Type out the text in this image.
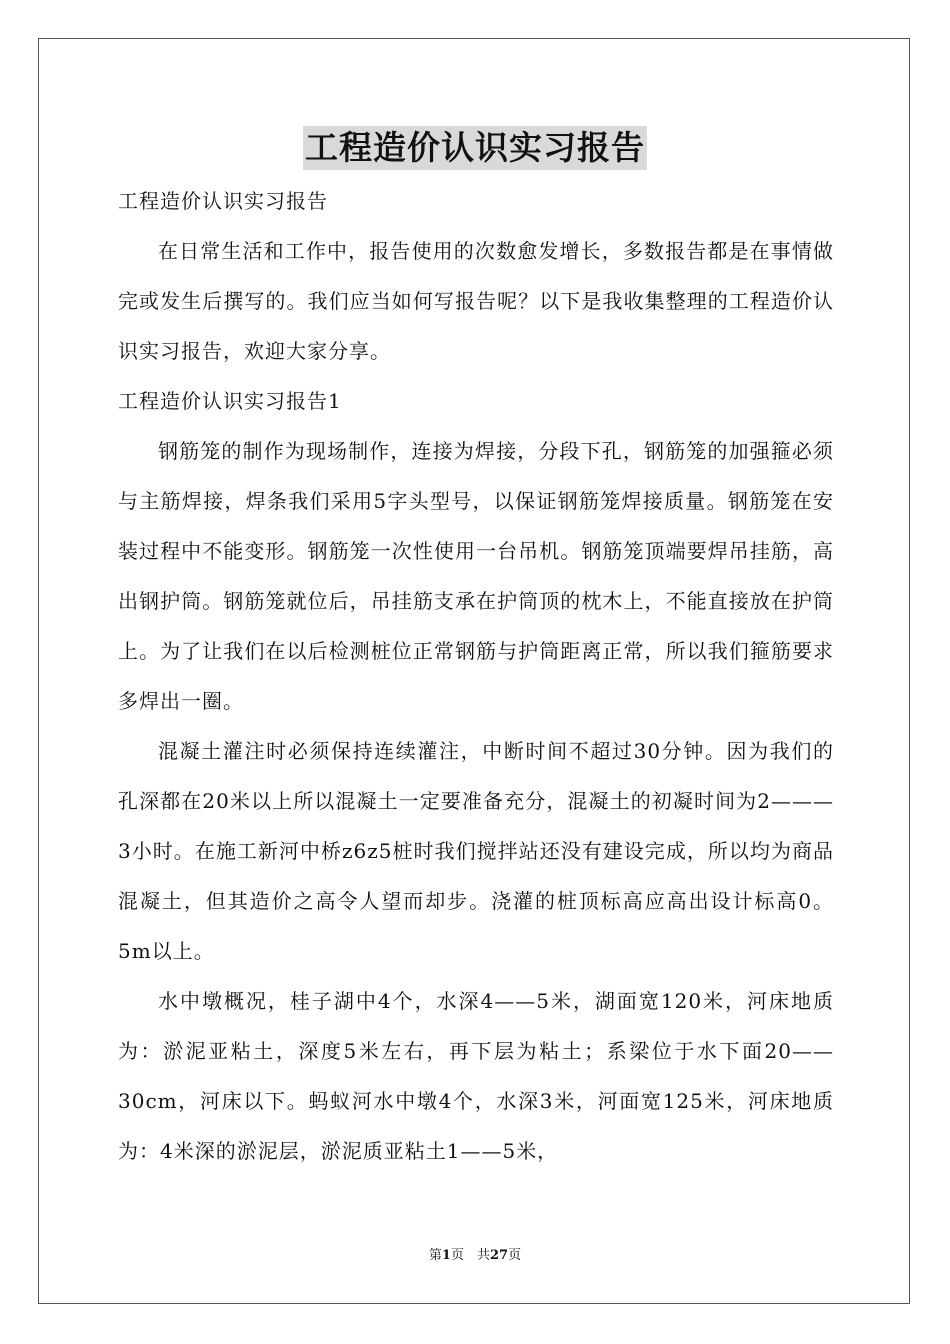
工程造价认识实习报告
工程造价认识实习报告
在日常生活和工作中，报告使用的次数愈发增长，多数报告都是在事情做完或发生后撰写的。我们应当如何写报告呢？以下是我收集整理的工程造价认识实习报告，欢迎大家分享。
工程造价认识实习报告1
钢筋笼的制作为现场制作，连接为焊接，分段下孔，钢筋笼的加强箍必须与主筋焊接，焊条我们采用5字头型号，以保证钢筋笼焊接质量。钢筋笼在安装过程中不能变形。钢筋笼一次性使用一台吊机。钢筋笼顶端要焊吊挂筋，高出钢护筒。钢筋笼就位后，吊挂筋支承在护筒顶的枕木上，不能直接放在护筒上。为了让我们在以后检测桩位正常钢筋与护筒距离正常，所以我们箍筋要求多焊出一圈。
混凝土灌注时必须保持连续灌注，中断时间不超过30分钟。因为我们的孔深都在20米以上所以混凝土一定要准备充分，混凝土的初凝时间为2———3小时。在施工新河中桥z6z5桩时我们搅拌站还没有建设完成，所以均为商品混凝土，但其造价之高令人望而却步。浇灌的桩顶标高应高出设计标高0。5m以上。
水中墩概况，桂子湖中4个，水深4——5米，湖面宽120米，河床地质为：淤泥亚粘土，深度5米左右，再下层为粘土；系梁位于水下面20——30cm，河床以下。蚂蚁河水中墩4个，水深3米，河面宽125米，河床地质为：4米深的淤泥层，淤泥质亚粘土1——5米，
第1页　共27页
